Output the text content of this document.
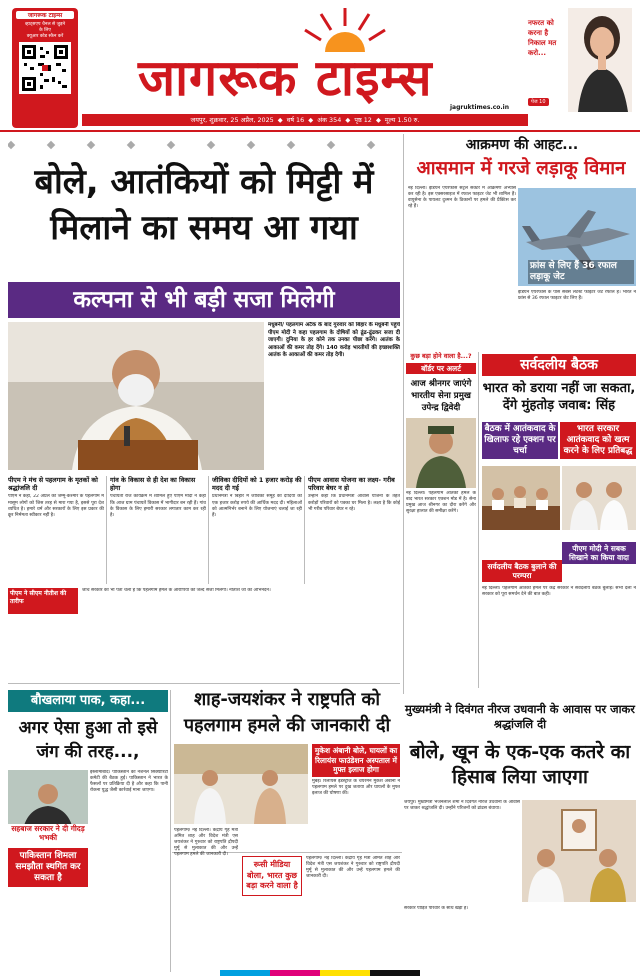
जागरूक टाइम्स
व्हाट्सएप चैनल से जुड़ने
के लिए
क्यूआर कोड स्कैन करें
जागरूक टाइम्स
jagruktimes.co.in
नफरत को करना है निकाल मत करो...
पेज 10
जयपुर, शुक्रवार, 25 अप्रैल, 2025  ◆  वर्ष 16  ◆  अंक 354  ◆  पृष्ठ 12  ◆  मूल्य 1.50 रु.
बोले, आतंकियों को मिट्टी में
मिलाने का समय आ गया
कल्पना से भी बड़ी सजा मिलेगी
मधुबनी/ पहलगाम अटैक के बाद गुरुवार को बिहार के मधुबनी पहुंचे पीएम मोदी ने कहा पहलगाम के दोषियों को ढूंढ-ढूंढकर सजा दी जाएगी। दुनिया के हर कोने तक उनका पीछा करेंगे। आतंक के आकाओं की कमर तोड़ देंगे। 140 करोड़ भारतीयों की इच्छाशक्ति आतंक के आकाओं की कमर तोड़ देगी।
पीएम ने मंच से पहलगाम के मृतकों को श्रद्धांजलि दी
पीएम ने कहा, 22 अप्रैल को जम्मू-कश्मीर के पहलगाम में मासूम लोगों को जिस तरह से मारा गया है, इससे पूरा देश व्यथित है। हमारे धर्म और सरकारों के लिए इस प्रकार की क्रूर निर्ममता स्वीकार नहीं है।
गांव के विकास से ही देश का विकास होगा
पंचायती राज कार्यक्रम में शामिल हुए पीएम मोदी ने कहा कि आज ग्राम पंचायतें विकास में भागीदार बन रही हैं। गांव के विकास के लिए हमारी सरकार लगातार काम कर रही है।
जीविका दीदियों को 1 हजार करोड़ की मदद दी गई
प्रधानमंत्री ने बिहार में जीविका समूह की दीदियों को एक हजार करोड़ रुपये की आर्थिक मदद दी। महिलाओं को आत्मनिर्भर बनाने के लिए योजनाएं चलाई जा रही हैं।
पीएम आवास योजना का लक्ष्य- गरीब परिवार बेघर न हो
उन्होंने कहा कि प्रधानमंत्री आवास योजना के तहत करोड़ों परिवारों को पक्का घर मिला है। लक्ष्य है कि कोई भी गरीब परिवार बेघर न रहे।
पीएम ने सीएम नीतीश की तारीफ
जांच सरकार को भी पता चला है कि पहलगाम हमले के आरोपियों को जल्द सजा मिलेगी। नीतीश जी का अभिनंदन।
आक्रमण की आहट...
आसमान में गरजे लड़ाकू विमान
नई दिल्ली। इंडियन एयरफोर्स सेंट्रल सेक्टर में आक्रमण अभ्यास कर रही है। इस एक्सरसाइज में रफाल फाइटर जेट भी शामिल हैं। वायुसेना के पायलट दुश्मन के ठिकानों पर हमले की प्रैक्टिस कर रहे हैं।
फ्रांस से लिए हैं 36 रफाल लड़ाकू जेट
इंडियन एयरफोर्स के पास सबसे लेटेस्ट फाइटर जेट रफाल है। भारत ने फ्रांस से 36 रफाल फाइटर जेट लिए हैं।
कुछ बड़ा होने वाला है...?
बॉर्डर पर अलर्ट
आज श्रीनगर जाएंगे भारतीय सेना प्रमुख उपेन्द्र द्विवेदी
नई दिल्ली। पहलगाम आतंकी हमले के बाद भारत सरकार एक्शन मोड में है। सेना प्रमुख आज श्रीनगर का दौरा करेंगे और सुरक्षा हालात की समीक्षा करेंगे।
सर्वदलीय बैठक
भारत को डराया नहीं जा सकता, देंगे मुंहतोड़ जवाब: सिंह
बैठक में आतंकवाद के खिलाफ रहे एक्शन पर चर्चा
भारत सरकार आतंकवाद को खत्म करने के लिए प्रतिबद्ध
सर्वदलीय बैठक बुलाने की परम्परा
पीएम मोदी ने सबक सिखाने का किया वादा
नई दिल्ली। पहलगाम आतंकी हमले पर केंद्र सरकार ने सर्वदलीय बैठक बुलाई। सभी दलों ने सरकार को पूरा समर्थन देने की बात कही।
बौखलाया पाक, कहा...
अगर ऐसा हुआ तो इसे जंग की तरह...,
सहबाज सरकार ने दी गीदड़ भभकी
इस्लामाबाद। पाकिस्तान की नेशनल सिक्योरिटी कमेटी की बैठक हुई। पाकिस्तान ने भारत के फैसलों पर प्रतिक्रिया दी है और कहा कि पानी रोकना युद्ध जैसी कार्रवाई माना जाएगा।
पाकिस्तान शिमला समझौता स्थगित कर सकता है
शाह-जयशंकर ने राष्ट्रपति को
पहलगाम हमले की जानकारी दी
मुकेश अंबानी बोले, घायलों का रिलायंस फाउंडेशन अस्पताल में मुफ्त इलाज होगा
मुंबई। रिलायंस इंडस्ट्रीज के चेयरमैन मुकेश अंबानी ने पहलगाम हमले पर दुख जताया और घायलों के मुफ्त इलाज की घोषणा की।
पहलगाम/ नई दिल्ली। केंद्रीय गृह मंत्री अमित शाह और विदेश मंत्री एस जयशंकर ने गुरुवार को राष्ट्रपति द्रौपदी मुर्मू से मुलाकात की और उन्हें पहलगाम हमले की जानकारी दी।
रूसी मीडिया बोला, भारत कुछ बड़ा करने वाला है
पहलगाम/ नई दिल्ली। केंद्रीय गृह मंत्री अमित शाह और विदेश मंत्री एस जयशंकर ने गुरुवार को राष्ट्रपति द्रौपदी मुर्मू से मुलाकात की और उन्हें पहलगाम हमले की जानकारी दी।
मुख्यमंत्री ने दिवंगत नीरज उधवानी के आवास पर जाकर श्रद्धांजलि दी
बोले, खून के एक-एक कतरे का हिसाब लिया जाएगा
जयपुर। मुख्यमंत्री भजनलाल शर्मा ने दिवंगत नीरज उधवानी के आवास पर जाकर श्रद्धांजलि दी। उन्होंने परिजनों को ढांढस बंधाया।
सरकार पीड़ित परिवार के साथ खड़ी है।
